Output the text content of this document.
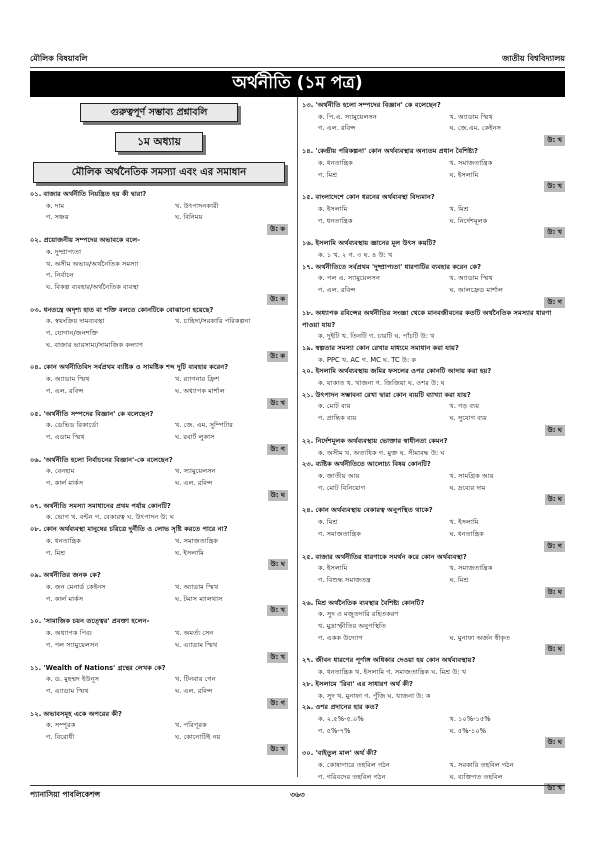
মৌলিক বিষয়াবলি	জাতীয় বিশ্ববিদ্যালয়
অর্থনীতি (১ম পত্র)
গুরুত্বপূর্ণ সম্ভাব্য প্রশ্নাবলি
১ম অধ্যায়
মৌলিক অর্থনৈতিক সমস্যা এবং এর সমাধান
০১. বাজার অর্থনীতি নিয়ন্ত্রিত হয় কী দ্বারা?
ক. দাম	খ. উৎপাদনকারী
গ. সঞ্চয়	ঘ. বিনিময়
উ: ক
০২. প্রয়োজনীয় সম্পদের অভাবকে বলে-
ক. দুষ্প্রাপ্যতা
খ. অসীম অভাব/অর্থনৈতিক সমস্যা
গ. নির্বাচন
ঘ. বিকল্প ব্যবহার/অর্থনৈতিক ব্যবস্থা
উ: ক
০৩. ধনতন্ত্রে অদৃশ্য হাত বা শক্তি বলতে কোনটিকে বোঝানো হয়েছে?
ক. স্বয়ংক্রিয় দামব্যবস্থা	খ. চাহিদা/সরকারি পরিকল্পনা
গ. যোগান/জনশক্তি
ঘ. বাজার ভারসাম্য/সামাজিক কল্যাণ
উ: ক
০৪. কোন অর্থনীতিবিদ সর্বপ্রথম ব্যষ্টিক ও সামষ্টিক শব্দ দুটি ব্যবহার করেন?
ক. অ্যাডাম স্মিথ	খ. র‍্যাগনার ফ্রিশ
গ. এল. রবিন্স	ঘ. অধ্যাপক মার্শাল
উ: খ
০৫. 'অর্থনীতি সম্পদের বিজ্ঞান' কে বলেছেন?
ক. ডেভিড রিকার্ডো	খ. জে. এম. সুম্পিটার
গ. এডাম স্মিথ	ঘ. রবার্ট লুকাস
উ: গ
০৬. 'অর্থনীতি হলো নির্বাচনের বিজ্ঞান'-কে বলেছেন?
ক. বেনহাম	খ. স্যামুয়েলসন
গ. কার্ল মার্কস	ঘ. এল. রবিন্স
উ: ঘ
০৭. অর্থনীতি সমস্যা সমাধানের প্রথম পর্যায় কোনটি?
ক. ভোগ খ. বন্টন গ. বেকারত্ব ঘ. উৎপাদন উ: ঘ
০৮. কোন অর্থব্যবস্থা মানুষের চরিত্রে দুর্নীতি ও লোভ সৃষ্টি করতে পারে না?
ক. ধনতান্ত্রিক	খ. সমাজতান্ত্রিক
গ. মিশ্র	ঘ. ইসলামি
উ: ঘ
০৯. অর্থনীতির জনক কে?
ক. জন মেনার্ড কেইনস	খ. অ্যাডাম স্মিথ
গ. কার্ল মার্কস	ঘ. টমাস ম্যালথাস
উ: খ
১০. 'সামাজিক চয়ন তত্ত্বের' প্রবক্তা হলেন-
ক. অধ্যাপক পিগু	খ. অমর্ত্য সেন
গ. পল স্যামুয়েলসন	ঘ. এ্যাডাম স্মিথ
উ: খ
১১. 'Wealth of Nations' গ্রন্থের লেখক কে?
ক. ড. মুহম্মদ ইউনূস	খ. টিনবার গেন
গ. এ্যাডাম স্মিথ	ঘ. এল. রবিন্স
উ: গ
১২. অভাবসমূহ একে অপরের কী?
ক. সম্পূরক	খ. পরিপূরক
গ. বিরোধী	ঘ. কোনোটিই নয়
উ: খ
১৩. 'অর্থনীতি হলো সম্পদের বিজ্ঞান' কে বলেছেন?
ক. পি.এ. স্যামুয়েলসন	খ. অ্যাডাম স্মিথ
গ. এল. রবিন্স	ঘ. জে.এম. কেইনস
উ: খ
১৪. 'কেন্দ্রীয় পরিকল্পনা' কোন অর্থব্যবস্থার অন্যতম প্রধান বৈশিষ্ট্য?
ক. ধনতান্ত্রিক	খ. সমাজতান্ত্রিক
গ. মিশ্র	ঘ. ইসলামি
উ: খ
১৫. বাংলাদেশে কোন ধরনের অর্থব্যবস্থা বিদ্যমান?
ক. ইসলামি	খ. মিশ্র
গ. ধনতান্ত্রিক	ঘ. নির্দেশমূলক
উ: খ
১৬. ইসলামি অর্থব্যবস্থায় জ্ঞানের মূল উৎস কয়টি?
ক. ১ খ. ২ গ. ৩ ঘ. ৪ উ: খ
১৭. অর্থনীতিতে সর্বপ্রথম 'দুষ্প্রাপ্যতা' ধারণাটির ব্যবহার করেন কে?
ক. পল এ. স্যামুয়েলসন	খ. অ্যাডাম স্মিথ
গ. এল. রবিন্স	ঘ. আলফ্রেড মার্শাল
উ: গ
১৮. অধ্যাপক রবিন্সের অর্থনীতির সংজ্ঞা থেকে মানবজীবনের কতটি অর্থনৈতিক সমস্যার ধারণা পাওয়া যায়?
ক. দুইটি খ. তিনটি গ. চারটি ঘ. পাঁচটি উ: খ
১৯. স্বল্পতার সমস্যা কোন রেখার মাধ্যমে সমাধান করা যায়?
ক. PPC খ. AC গ. MC ঘ. TC উ: ক
২০. ইসলামি অর্থব্যবস্থায় জমির ফসলের ওপর কোনটি আদায় করা হয়?
ক. যাকাত খ. খাজনা গ. জিজিয়া ঘ. ওশর উ: ঘ
২১. উৎপাদন সম্ভাবনা রেখা দ্বারা কোন ব্যয়টি ব্যাখ্যা করা যায়?
ক. মোট ব্যয়	খ. গড় ব্যয়
গ. প্রান্তিক ব্যয়	ঘ. সুযোগ ব্যয়
উ: ঘ
২২. নির্দেশমূলক অর্থব্যবস্থায় ভোক্তার স্বাধীনতা কেমন?
ক. অসীম খ. অত্যধিক গ. মুক্ত ঘ. সীমাবদ্ধ উ: ঘ
২৩. ব্যষ্টিক অর্থনীতিতে আলোচ্য বিষয় কোনটি?
ক. জাতীয় আয়	খ. সামগ্রিক আয়
গ. মোট বিনিয়োগ	ঘ. দ্রব্যের দাম
উ: ঘ
২৪. কোন অর্থব্যবস্থায় বেকারত্ব অনুপস্থিত থাকে?
ক. মিশ্র	খ. ইসলামি
গ. সমাজতান্ত্রিক	ঘ. ধনতান্ত্রিক
উ: গ
২৫. বাজার অর্থনীতির ধারণাকে সমর্থন করে কোন অর্থব্যবস্থা?
ক. ইসলামি	খ. সমাজতান্ত্রিক
গ. বিশুদ্ধ সমাজতন্ত্র	ঘ. মিশ্র
উ: ঘ
২৬. মিশ্র অর্থনৈতিক ব্যবস্থার বৈশিষ্ট্য কোনটি?
ক. সুদ ও মজুতদারি রহিতকরণ
খ. মুদ্রাস্ফীতির অনুপস্থিতি
গ. একক উদ্যোগ	ঘ. মুনাফা অর্জন স্বীকৃত
উ: ঘ
২৭. জীবন ধারণের পূর্ণাঙ্গ অধিকার দেওয়া হয় কোন অর্থব্যবস্থায়?
ক. ধনতান্ত্রিক খ. ইসলামি গ. সমাজতান্ত্রিক ঘ. মিশ্র উ: খ
২৮. ইসলামে 'রিবা' এর সাধারণ অর্থ কী?
ক. সুদ খ. মুনাফা গ. পুঁজি ঘ. খাজনা উ: ক
২৯. ওশর প্রদানের হার কত?
ক. ২.৫%-৫.০%	খ. ১০%-১৫%
গ. ৫%-৭%	ঘ. ৫%-১০%
উ: ঘ
৩০. 'বাইতুল মাল' অর্থ কী?
ক. কোষাগারে তহবিল গঠন	খ. সরকারি তহবিল গঠন
গ. গরিবদের তহবিল গঠন	ঘ. ব্যক্তিগত তহবিল
উ: খ
প্যানাসিয়া পাবলিকেশন্স	৩৬৩
